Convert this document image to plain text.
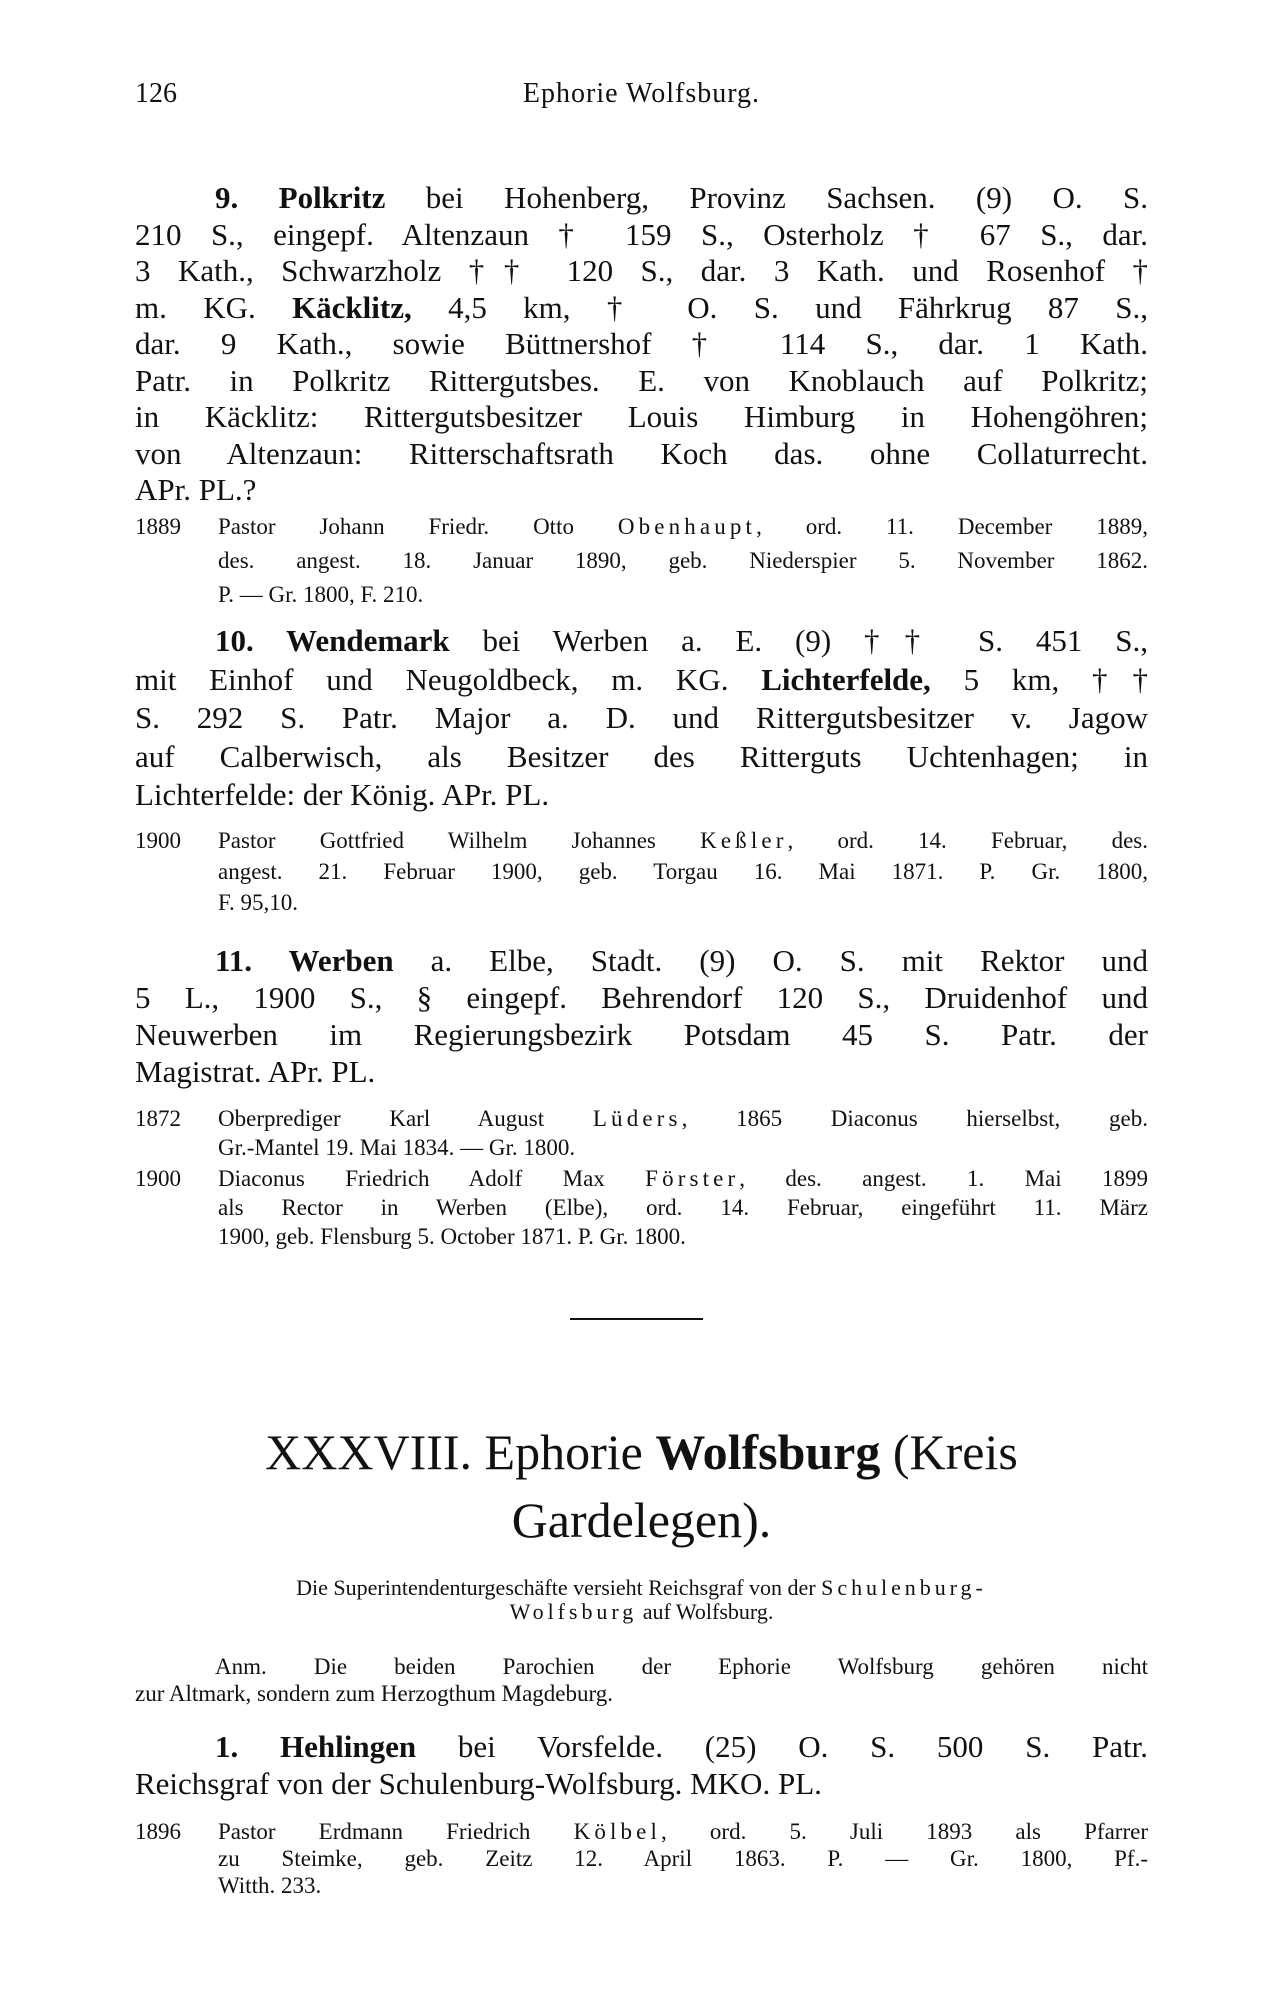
126	Ephorie Wolfsburg.
9. Polkritz bei Hohenberg, Provinz Sachsen. (9) O. S.
210 S., eingepf. Altenzaun † 159 S., Osterholz † 67 S., dar.
3 Kath., Schwarzholz †† 120 S., dar. 3 Kath. und Rosenhof †
m. KG. Käcklitz, 4,5 km, † O. S. und Fährkrug 87 S.,
dar. 9 Kath., sowie Büttnershof † 114 S., dar. 1 Kath.
Patr. in Polkritz Rittergutsbes. E. von Knoblauch auf Polkritz;
in Käcklitz: Rittergutsbesitzer Louis Himburg in Hohengöhren;
von Altenzaun: Ritterschaftsrath Koch das. ohne Collaturrecht.
APr. PL.?
1889 Pastor Johann Friedr. Otto Obenhaupt, ord. 11. December 1889,
des. angest. 18. Januar 1890, geb. Niederspier 5. November 1862.
P. — Gr. 1800, F. 210.
10. Wendemark bei Werben a. E. (9) †† S. 451 S.,
mit Einhof und Neugoldbeck, m. KG. Lichterfelde, 5 km, ††
S. 292 S. Patr. Major a. D. und Rittergutsbesitzer v. Jagow
auf Calberwisch, als Besitzer des Ritterguts Uchtenhagen; in
Lichterfelde: der König. APr. PL.
1900 Pastor Gottfried Wilhelm Johannes Keßler, ord. 14. Februar, des.
angest. 21. Februar 1900, geb. Torgau 16. Mai 1871. P. Gr. 1800,
F. 95,10.
11. Werben a. Elbe, Stadt. (9) O. S. mit Rektor und
5 L., 1900 S., § eingepf. Behrendorf 120 S., Druidenhof und
Neuwerben im Regierungsbezirk Potsdam 45 S. Patr. der
Magistrat. APr. PL.
1872 Oberprediger Karl August Lüders, 1865 Diaconus hierselbst, geb.
Gr.-Mantel 19. Mai 1834. — Gr. 1800.
1900 Diaconus Friedrich Adolf Max Förster, des. angest. 1. Mai 1899
als Rector in Werben (Elbe), ord. 14. Februar, eingeführt 11. März
1900, geb. Flensburg 5. October 1871. P. Gr. 1800.
XXXVIII. Ephorie Wolfsburg (Kreis
Gardelegen).
Die Superintendenturgeschäfte versieht Reichsgraf von der Schulenburg-
Wolfsburg auf Wolfsburg.
Anm. Die beiden Parochien der Ephorie Wolfsburg gehören nicht
zur Altmark, sondern zum Herzogthum Magdeburg.
1. Hehlingen bei Vorsfelde. (25) O. S. 500 S. Patr.
Reichsgraf von der Schulenburg-Wolfsburg. MKO. PL.
1896 Pastor Erdmann Friedrich Kölbel, ord. 5. Juli 1893 als Pfarrer
zu Steimke, geb. Zeitz 12. April 1863. P. — Gr. 1800, Pf.-
Witth. 233.
